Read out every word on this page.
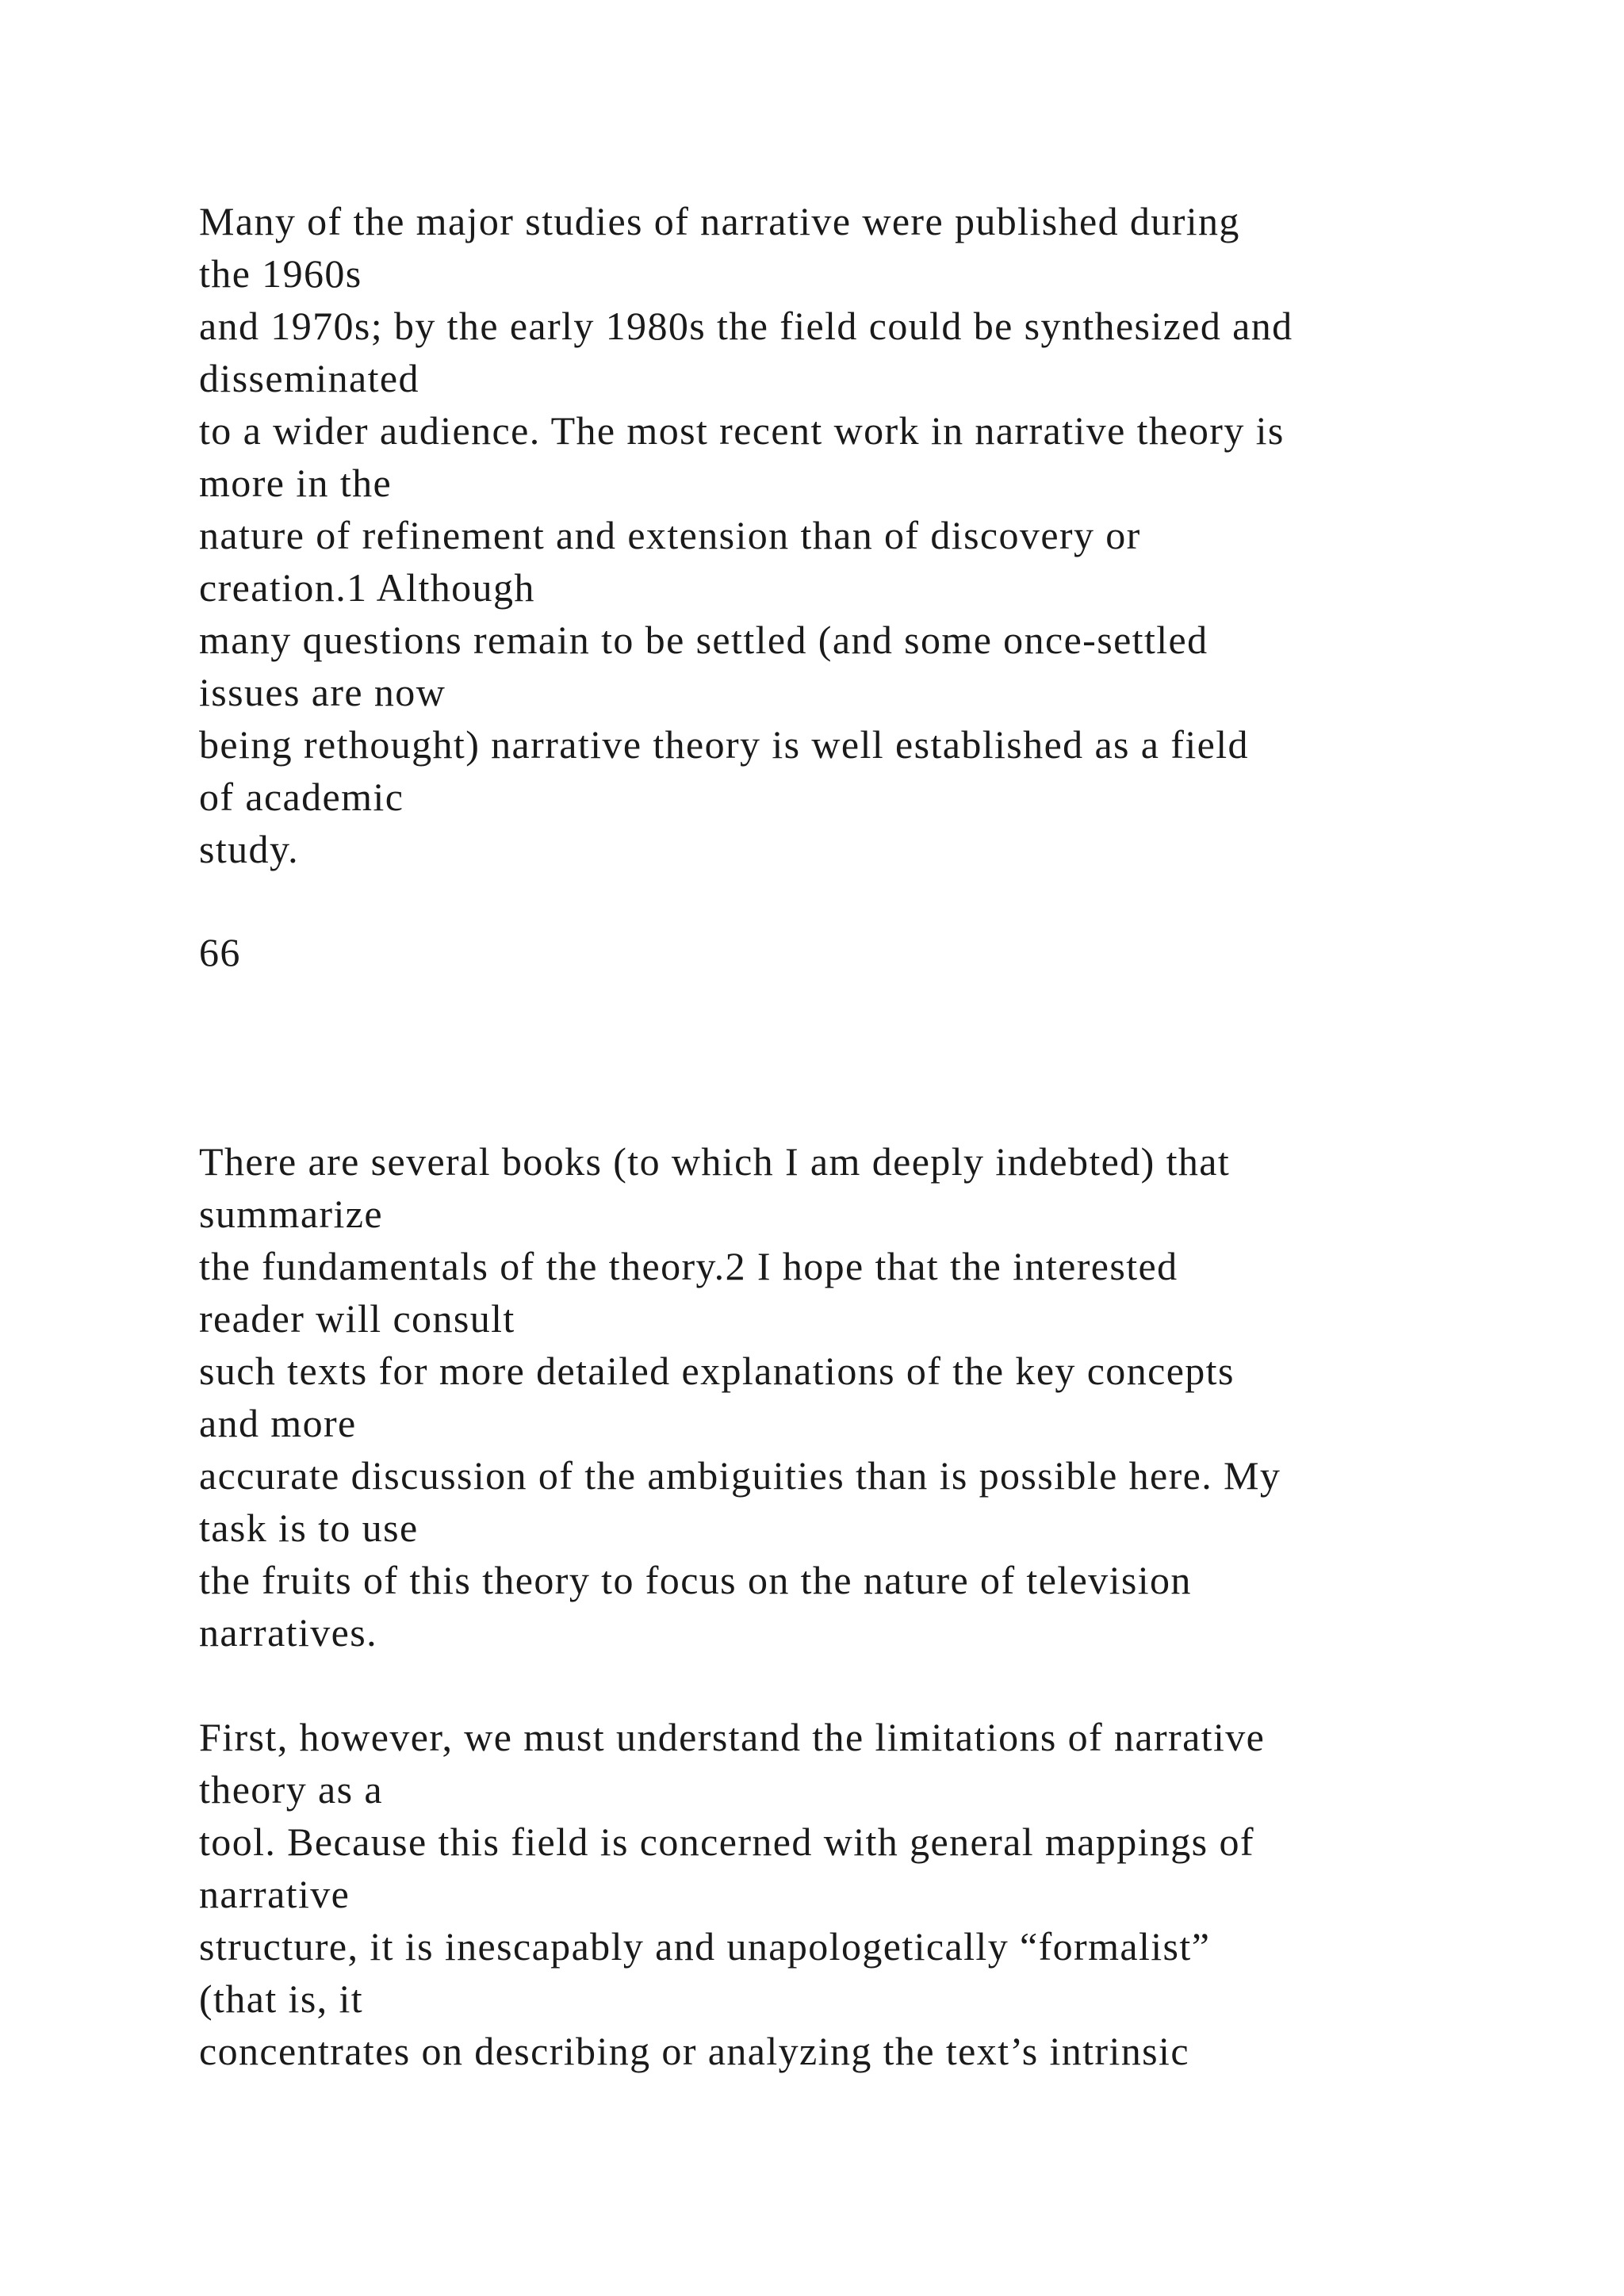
Many of the major studies of narrative were published during
the 1960s
and 1970s; by the early 1980s the field could be synthesized and
disseminated
to a wider audience. The most recent work in narrative theory is
more in the
nature of refinement and extension than of discovery or
creation.1 Although
many questions remain to be settled (and some once-settled
issues are now
being rethought) narrative theory is well established as a field
of academic
study.
66
There are several books (to which I am deeply indebted) that
summarize
the fundamentals of the theory.2 I hope that the interested
reader will consult
such texts for more detailed explanations of the key concepts
and more
accurate discussion of the ambiguities than is possible here. My
task is to use
the fruits of this theory to focus on the nature of television
narratives.
First, however, we must understand the limitations of narrative
theory as a
tool. Because this field is concerned with general mappings of
narrative
structure, it is inescapably and unapologetically “formalist”
(that is, it
concentrates on describing or analyzing the text’s intrinsic
